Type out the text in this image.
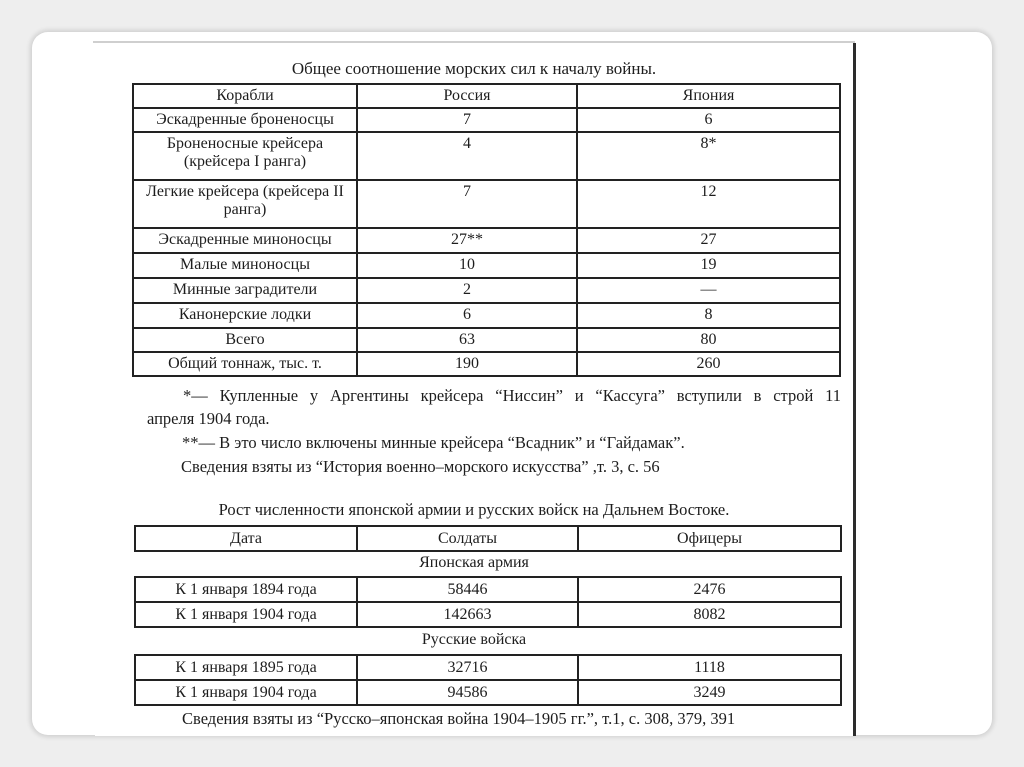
Общее соотношение морских сил к началу войны.
Корабли	Россия	Япония
Эскадренные броненосцы	7	6
Броненосные крейсера (крейсера I ранга)	4	8*
Легкие крейсера (крейсера II ранга)	7	12
Эскадренные миноносцы	27**	27
Малые миноносцы	10	19
Минные заградители	2	—
Канонерские лодки	6	8
Всего	63	80
Общий тоннаж, тыс. т.	190	260
*— Купленные у Аргентины крейсера “Ниссин” и “Кассуга” вступили в строй 11
апреля 1904 года.
**— В это число включены минные крейсера “Всадник” и “Гайдамак”.
Сведения взяты из “История военно–морского искусства” ,т. 3, с. 56
Рост численности японской армии и русских войск на Дальнем Востоке.
Дата	Солдаты	Офицеры
Японская армия
К 1 января 1894 года	58446	2476
К 1 января 1904 года	142663	8082
Русские войска
К 1 января 1895 года	32716	1118
К 1 января 1904 года	94586	3249
Сведения взяты из “Русско–японская война 1904–1905 гг.”, т.1, с. 308, 379, 391
